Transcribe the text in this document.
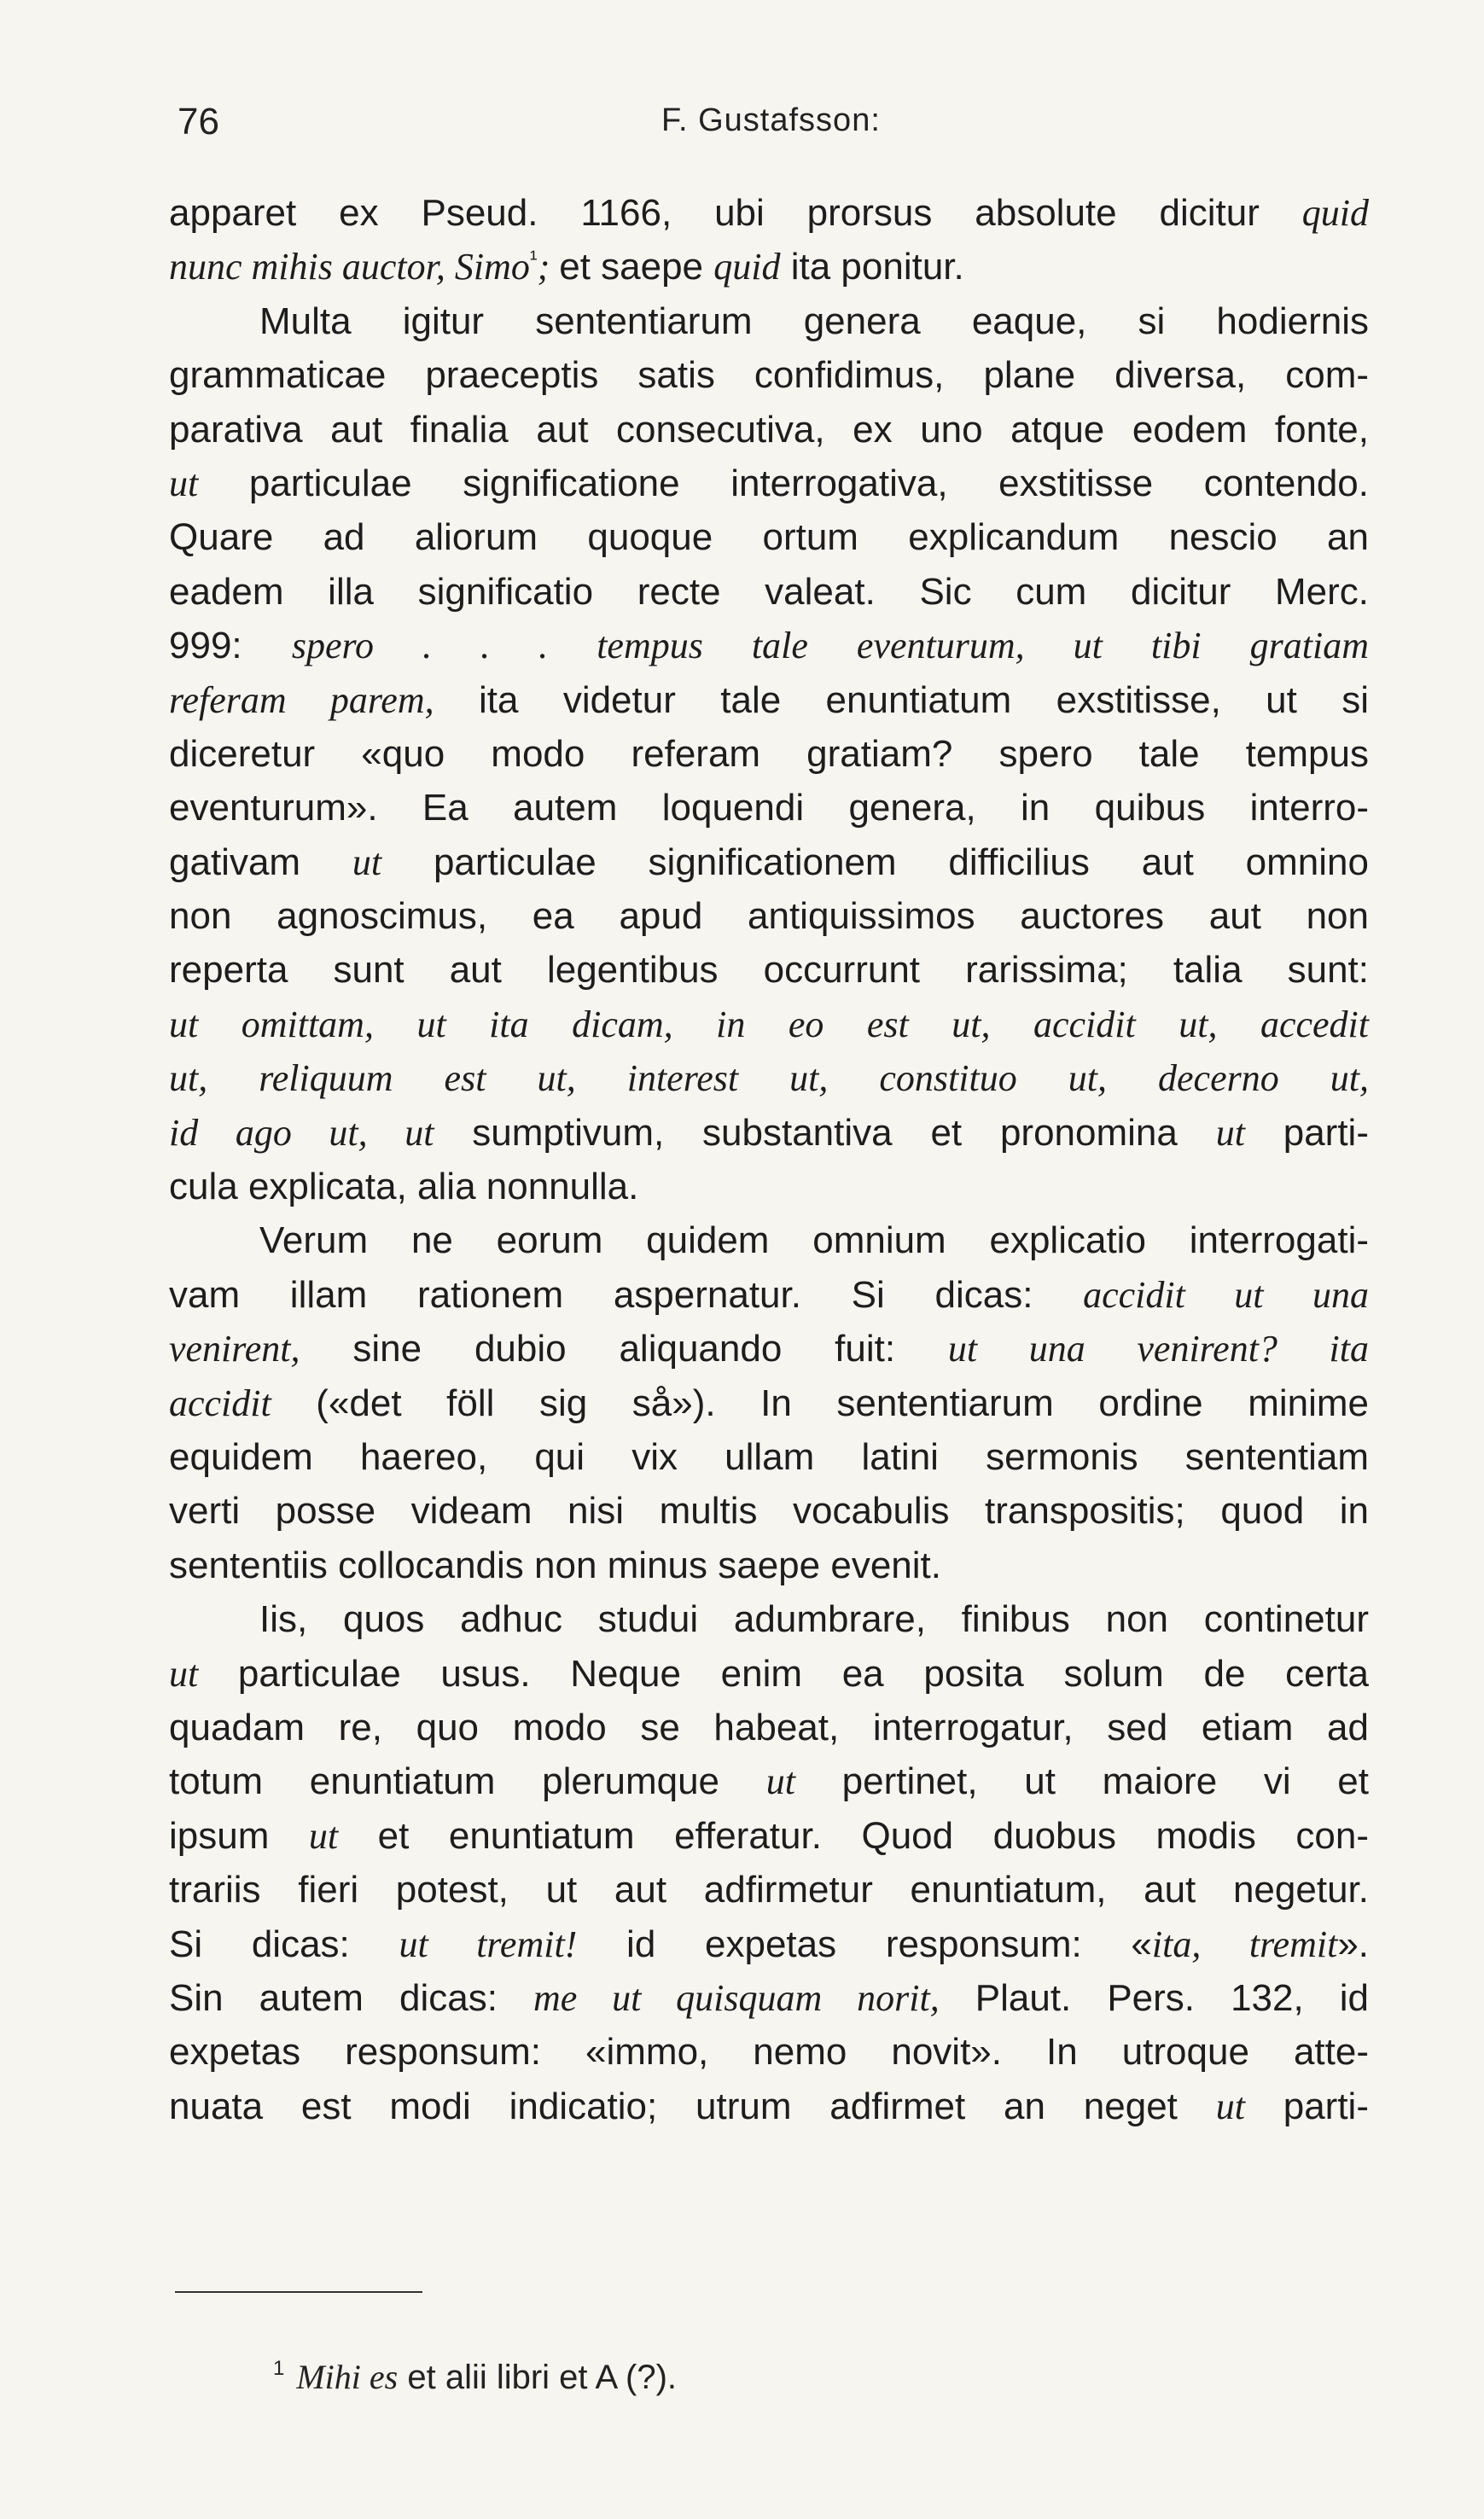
76	F. Gustafsson:
apparet ex Pseud. 1166, ubi prorsus absolute dicitur quid
nunc mihis auctor, Simo$^{^1}$; et saepe quid ita ponitur.
Multa igitur sententiarum genera eaque, si hodiernis
grammaticae praeceptis satis confidimus, plane diversa, com-
parativa aut finalia aut consecutiva, ex uno atque eodem fonte,
ut particulae significatione interrogativa, exstitisse contendo.
Quare ad aliorum quoque ortum explicandum nescio an
eadem illa significatio recte valeat. Sic cum dicitur Merc.
999: spero . . . tempus tale eventurum, ut tibi gratiam
referam parem, ita videtur tale enuntiatum exstitisse, ut si
diceretur «quo modo referam gratiam? spero tale tempus
eventurum». Ea autem loquendi genera, in quibus interro-
gativam ut particulae significationem difficilius aut omnino
non agnoscimus, ea apud antiquissimos auctores aut non
reperta sunt aut legentibus occurrunt rarissima; talia sunt:
ut omittam, ut ita dicam, in eo est ut, accidit ut, accedit
ut, reliquum est ut, interest ut, constituo ut, decerno ut,
id ago ut, ut sumptivum, substantiva et pronomina ut parti-
cula explicata, alia nonnulla.
Verum ne eorum quidem omnium explicatio interrogati-
vam illam rationem aspernatur. Si dicas: accidit ut una
venirent, sine dubio aliquando fuit: ut una venirent? ita
accidit («det föll sig så»). In sententiarum ordine minime
equidem haereo, qui vix ullam latini sermonis sententiam
verti posse videam nisi multis vocabulis transpositis; quod in
sententiis collocandis non minus saepe evenit.
Iis, quos adhuc studui adumbrare, finibus non continetur
ut particulae usus. Neque enim ea posita solum de certa
quadam re, quo modo se habeat, interrogatur, sed etiam ad
totum enuntiatum plerumque ut pertinet, ut maiore vi et
ipsum ut et enuntiatum efferatur. Quod duobus modis con-
trariis fieri potest, ut aut adfirmetur enuntiatum, aut negetur.
Si dicas: ut tremit! id expetas responsum: «ita, tremit».
Sin autem dicas: me ut quisquam norit, Plaut. Pers. 132, id
expetas responsum: «immo, nemo novit». In utroque atte-
nuata est modi indicatio; utrum adfirmet an neget ut parti-
$^1$ Mihi es et alii libri et A (?).
